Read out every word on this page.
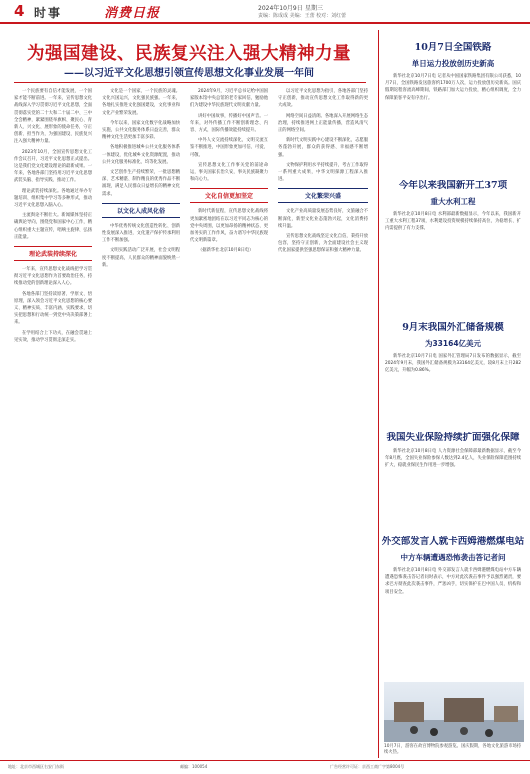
4 时事	消费日报	2024年10月9日
责编：陈成成 美编：王蕾 校对：刘红蕾
星期三
为强国建设、民族复兴注入强大精神力量
——以习近平文化思想引领宣传思想文化事业发展一年间

一个民族要有自信才能发展，一个国家才能不断前进。一年来，宣传思想文化战线深入学习贯彻习近平文化思想，全面贯彻落实党的二十大和二十届二中、三中全会精神，紧紧围绕举旗帜、聚民心、育新人、兴文化、展形象的使命任务，守正创新、担当作为，为强国建设、民族复兴注入强大精神力量。

2023年10月，全国宣传思想文化工作会议召开，习近平文化思想正式提出。这是我们党文化建设理论的最新成果。一年来，各地各部门坚持用习近平文化思想武装头脑、指导实践、推动工作。

理论武装持续深化。各地通过举办专题培训、组织集中学习等多种形式，推动习近平文化思想入脑入心。

主流舆论不断壮大。新闻媒体坚持正确舆论导向，围绕党和国家中心工作，精心组织重大主题宣传，唱响主旋律、弘扬正能量。

理论武装持续深化

一年来，宣传思想文化战线把学习贯彻习近平文化思想作为首要政治任务，持续推动党的创新理论深入人心。

各地各部门坚持读原著、学原文、悟原理，深入领会习近平文化思想的核心要义、精神实质、丰富内涵、实践要求，切实把思想和行动统一到党中央决策部署上来。

在学用结合上下功夫，在融会贯通上见实效，推动学习贯彻走深走实。

文化是一个国家、一个民族的灵魂。文化兴国运兴，文化强民族强。一年来，各地扎实推进文化强国建设，文化事业和文化产业繁荣发展。

今年以来，国家文化数字化战略加快实施，公共文化服务体系日益完善，群众精神文化生活更加丰富多彩。

各地积极推进城乡公共文化服务体系一体建设，优化城乡文化资源配置，推动公共文化服务标准化、均等化发展。

文艺创作生产持续繁荣，一批思想精深、艺术精湛、制作精良的优秀作品不断涌现，满足人民群众日益增长的精神文化需求。

以文化人成风化俗

中华优秀传统文化创造性转化、创新性发展深入推进，文化遗产保护传承利用工作不断加强。

文明实践活动广泛开展，社会文明程度不断提高，人民群众的精神面貌焕然一新。

2024年9月，习近平总书记给中国国家版本馆中央总馆的老专家回信，勉励他们为建设中华民族现代文明贡献力量。

讲好中国故事，传播好中国声音。一年来，对外传播工作不断创新理念、内容、方式，国际传播效能持续提升。

中外人文交流持续深化，文明交流互鉴不断推进，中国形象更加可信、可爱、可敬。

宣传思想文化工作事关党的前途命运，事关国家长治久安，事关民族凝聚力和向心力。

文化自信更加坚定

新时代新征程，宣传思想文化战线将更加紧密地团结在以习近平同志为核心的党中央周围，以更加昂扬的精神状态、更加务实的工作作风，奋力谱写中华民族现代文明新篇章。

（据新华社北京10月8日电）

以习近平文化思想为指引，各地各部门坚持守正创新，推动宣传思想文化工作取得新的更大成效。

网络空间日益清朗。各地深入开展网络生态治理，持续推进网上正能量传播，营造风清气正的网络空间。

新时代文明实践中心建设不断深化，志愿服务蓬勃开展，群众的获得感、幸福感不断增强。

文物保护利用水平持续提升，考古工作取得一系列重大成果，中华文明探源工程深入推进。

文化繁荣兴盛

文化产业高质量发展态势良好，文旅融合不断深化，新型文化业态蓬勃兴起，文化消费持续升温。

宣传思想文化战线坚定文化自信，秉持开放包容，坚持守正创新，为全面建设社会主义现代化国家提供坚强思想保证和强大精神力量。

10月7日全国铁路
单日运力投放创历史新高
新华社北京10月7日电 记者从中国国家铁路集团有限公司获悉，10月7日，全国铁路发送旅客约1700万人次，运力投放创历史新高。国庆假期返程客流高峰期间，铁路部门加大运力投放，精心组织调度，全力保障旅客平安有序出行。
今年以来我国新开工37项
重大水利工程
新华社北京10月8日电 水利部最新数据显示，今年以来，我国新开工重大水利工程37项，水利建设投资规模持续保持高位，为稳增长、扩内需提供了有力支撑。
9月末我国外汇储备规模
为33164亿美元
新华社北京10月7日电 国家外汇管理局7日发布的数据显示，截至2024年9月末，我国外汇储备规模为33164亿美元，较8月末上升282亿美元，升幅为0.86%。
我国失业保险持续扩面强化保障
新华社北京10月8日电 人力资源社会保障部最新数据显示，截至今年8月底，全国失业保险参保人数达到2.4亿人，失业保险保障范围持续扩大，稳就业保民生作用进一步增强。
外交部发言人就卡西姆港燃煤电站
中方车辆遭遇恐怖袭击答记者问
新华社北京10月8日电 外交部发言人就卡西姆港燃煤电站中方车辆遭遇恐怖袭击答记者问时表示，中方对此次袭击事件予以强烈谴责，要求巴方彻查此次袭击事件，严惩凶手，切实保护在巴中国人员、机构和项目安全。
10月7日，游客在故宫博物院参观游览。国庆假期，各地文化旅游市场持续火热。
地址：北京市西城区右安门东街	邮编：100054	广告经营许可证：京西工商广字第8004号
